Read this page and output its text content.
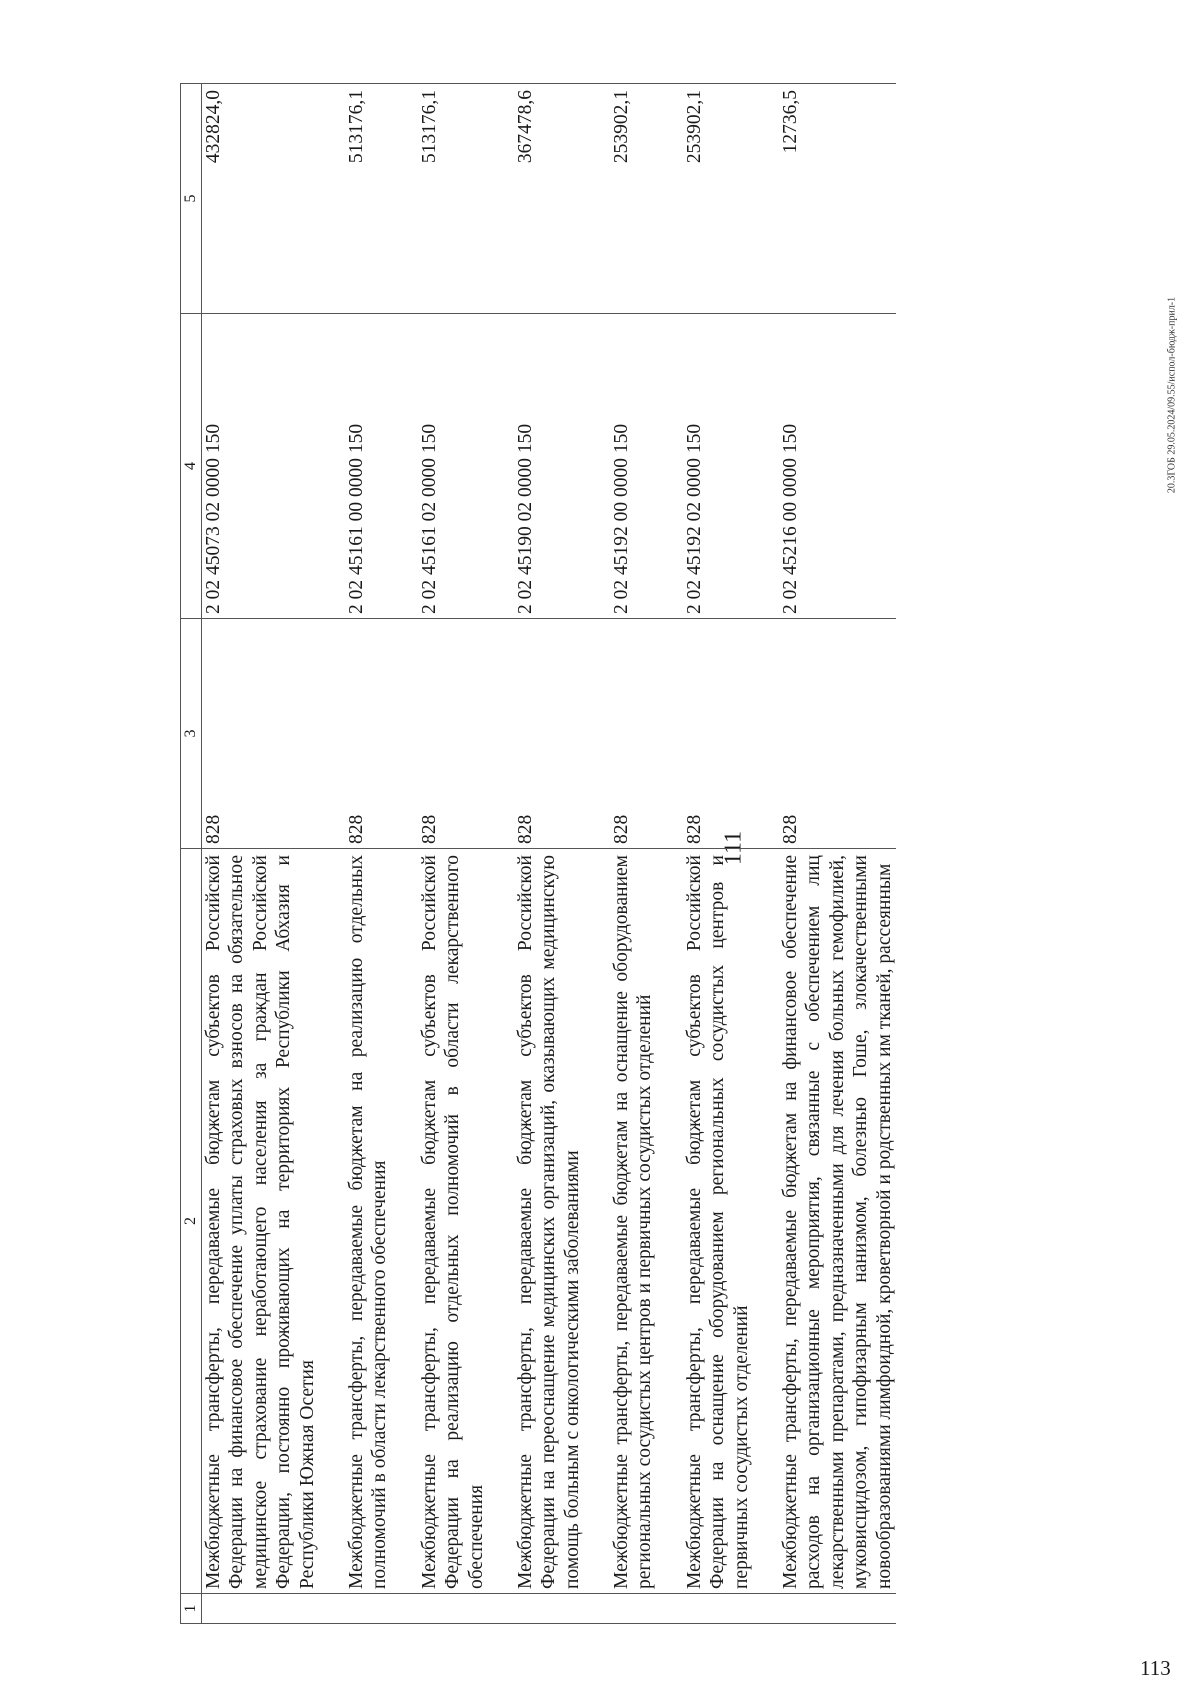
111
1	2	3	4	5
	Межбюджетные трансферты, передаваемые бюджетам субъектов Российской Федерации на финансовое обеспечение уплаты страховых взносов на обязательное медицинское страхование неработающего населения за граждан Российской Федерации, постоянно проживающих на территориях Республики Абхазия и Республики Южная Осетия	828	2 02 45073 02 0000 150	432824,0
	Межбюджетные трансферты, передаваемые бюджетам на реализацию отдельных полномочий в области лекарственного обеспечения	828	2 02 45161 00 0000 150	513176,1
	Межбюджетные трансферты, передаваемые бюджетам субъектов Российской Федерации на реализацию отдельных полномочий в области лекарственного обеспечения	828	2 02 45161 02 0000 150	513176,1
	Межбюджетные трансферты, передаваемые бюджетам субъектов Российской Федерации на переоснащение медицинских организаций, оказывающих медицинскую помощь больным с онкологическими заболеваниями	828	2 02 45190 02 0000 150	367478,6
	Межбюджетные трансферты, передаваемые бюджетам на оснащение оборудованием региональных сосудистых центров и первичных сосудистых отделений	828	2 02 45192 00 0000 150	253902,1
	Межбюджетные трансферты, передаваемые бюджетам субъектов Российской Федерации на оснащение оборудованием региональных сосудистых центров и первичных сосудистых отделений	828	2 02 45192 02 0000 150	253902,1
	Межбюджетные трансферты, передаваемые бюджетам на финансовое обеспечение расходов на организационные мероприятия, связанные с обеспечением лиц лекарственными препаратами, предназначенными для лечения больных гемофилией, муковисцидозом, гипофизарным нанизмом, болезнью Гоше, злокачественными новообразованиями лимфоидной, кроветворной и родственных им тканей, рассеянным	828	2 02 45216 00 0000 150	12736,5
20.3ГОБ 29.05.2024/09.55/испол-бюдж-прил-1
113
